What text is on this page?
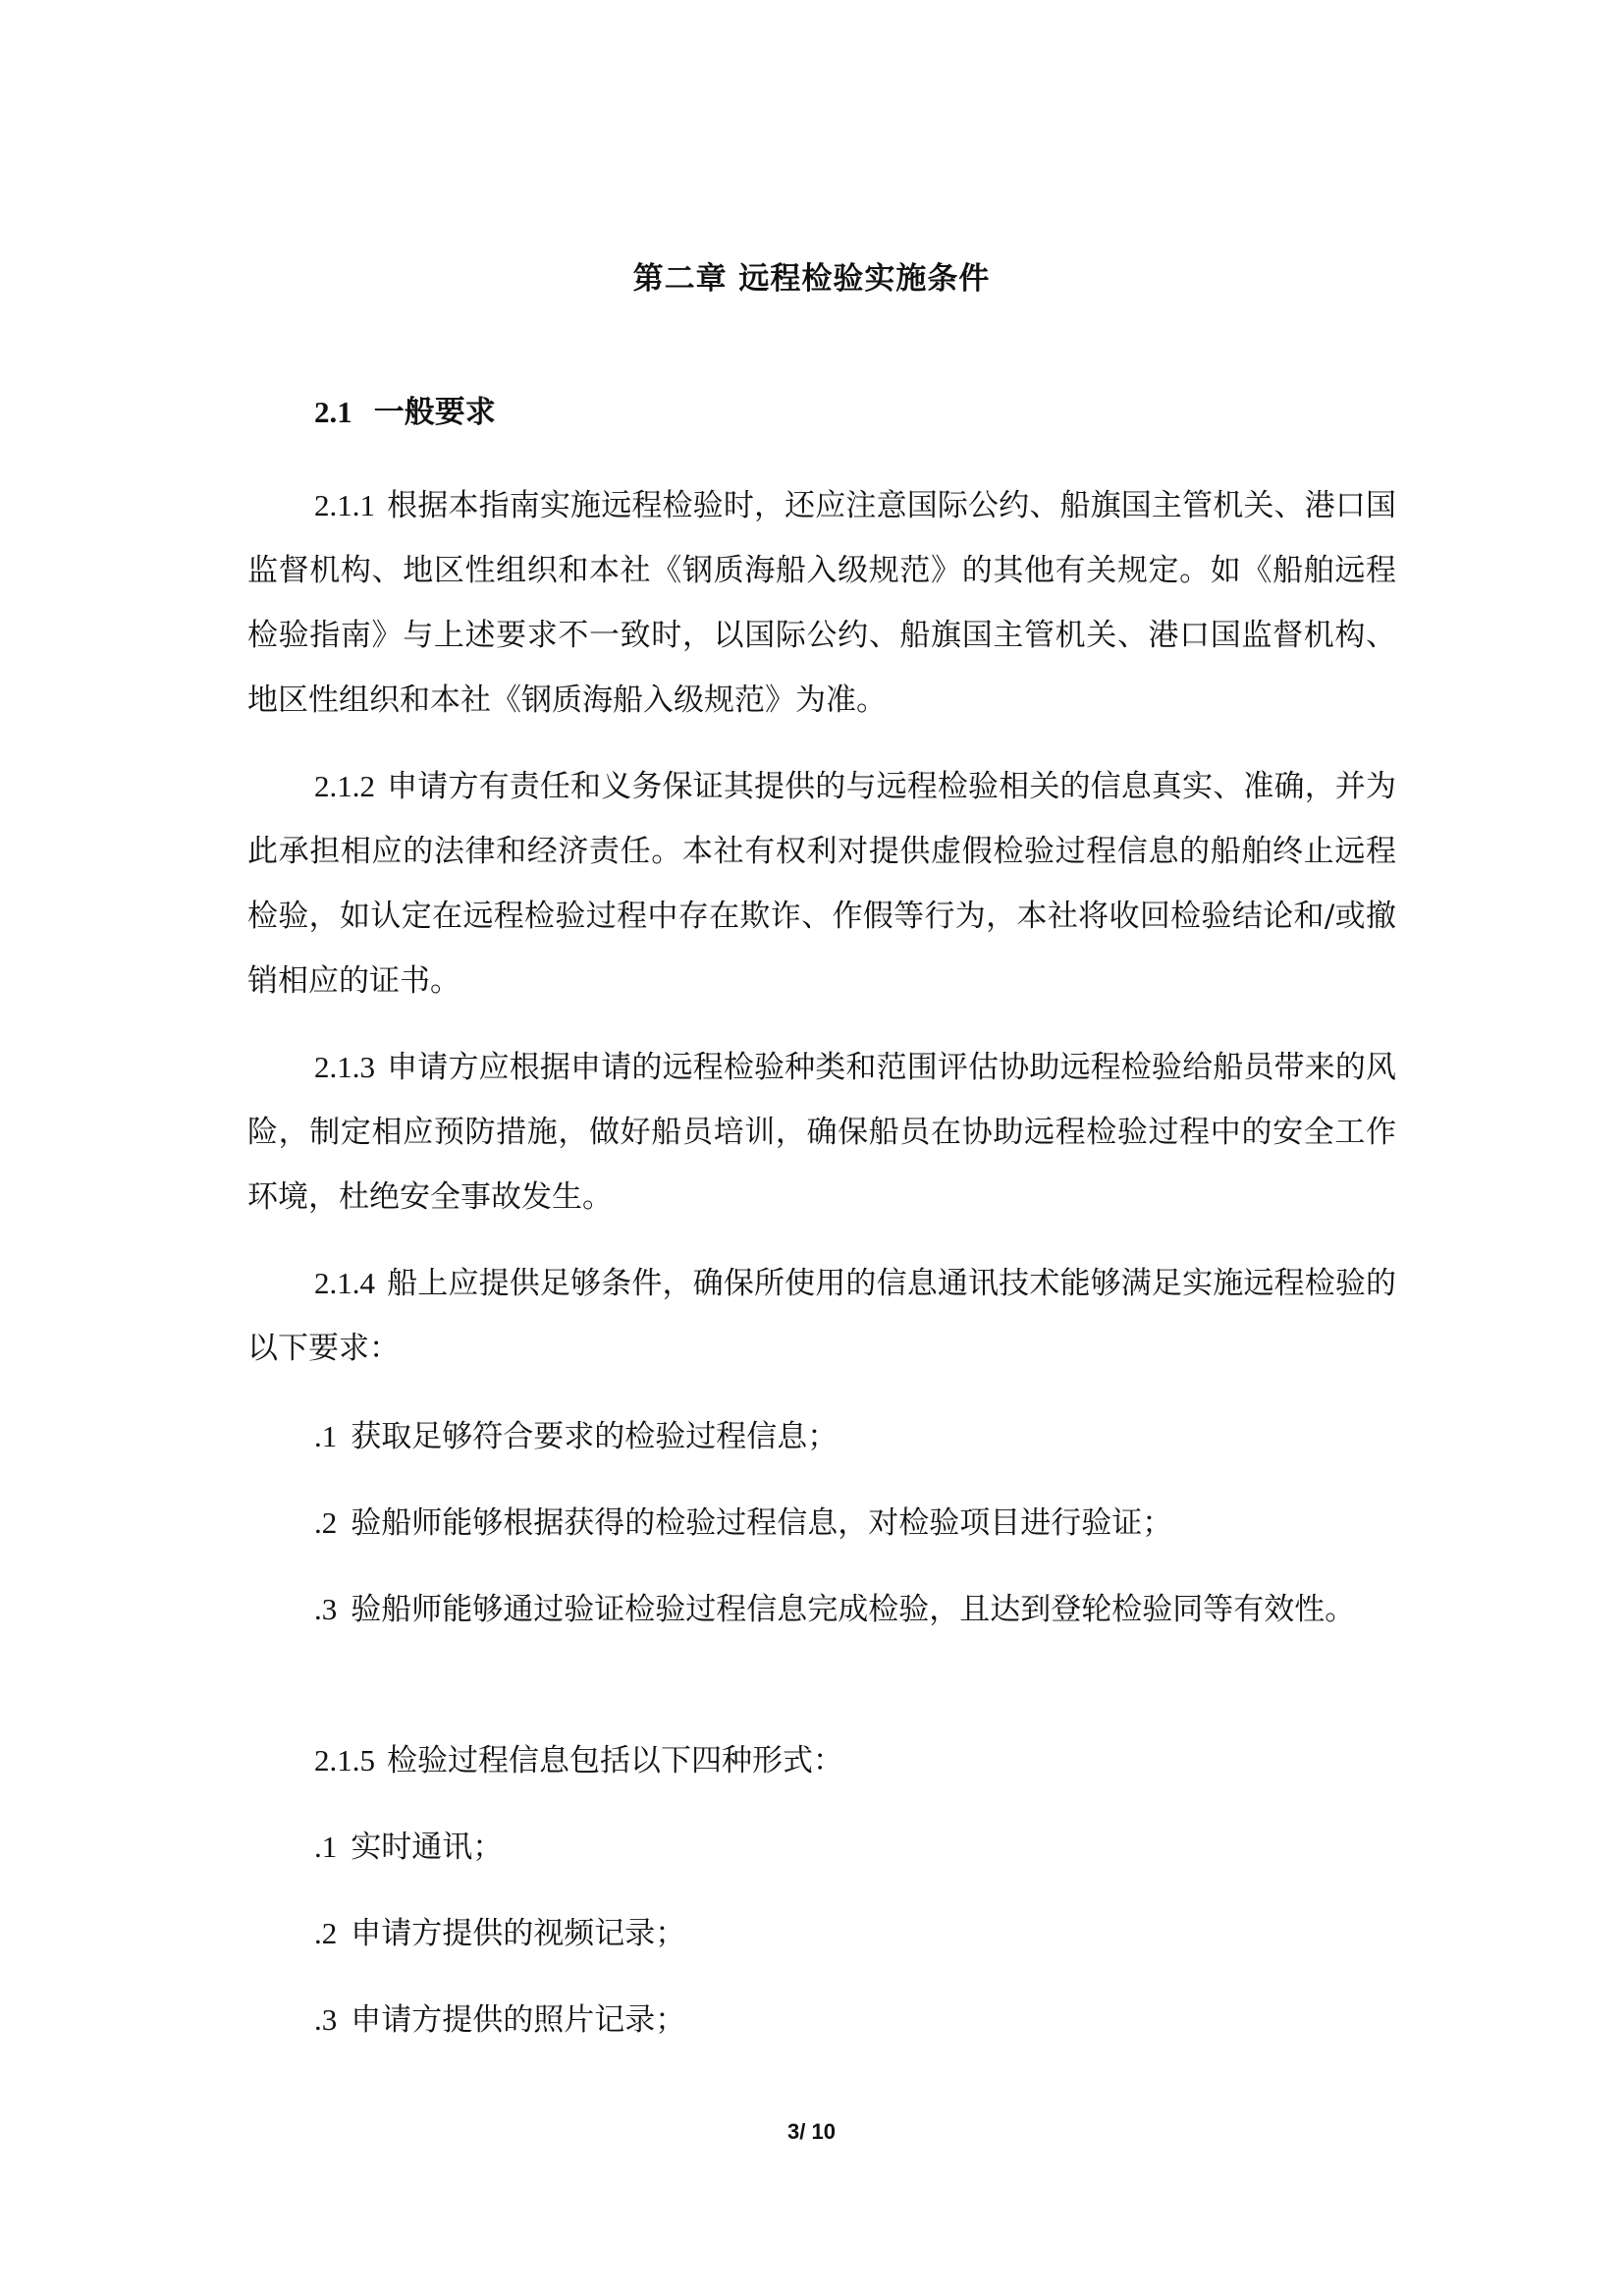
第二章 远程检验实施条件
2.1 一般要求
2.1.1 根据本指南实施远程检验时，还应注意国际公约、船旗国主管机关、港口国监督机构、地区性组织和本社《钢质海船入级规范》的其他有关规定。如《船舶远程检验指南》与上述要求不一致时，以国际公约、船旗国主管机关、港口国监督机构、地区性组织和本社《钢质海船入级规范》为准。
2.1.2 申请方有责任和义务保证其提供的与远程检验相关的信息真实、准确，并为此承担相应的法律和经济责任。本社有权利对提供虚假检验过程信息的船舶终止远程检验，如认定在远程检验过程中存在欺诈、作假等行为，本社将收回检验结论和/或撤销相应的证书。
2.1.3 申请方应根据申请的远程检验种类和范围评估协助远程检验给船员带来的风险，制定相应预防措施，做好船员培训，确保船员在协助远程检验过程中的安全工作环境，杜绝安全事故发生。
2.1.4 船上应提供足够条件，确保所使用的信息通讯技术能够满足实施远程检验的以下要求：
.1 获取足够符合要求的检验过程信息；
.2 验船师能够根据获得的检验过程信息，对检验项目进行验证；
.3 验船师能够通过验证检验过程信息完成检验，且达到登轮检验同等有效性。
2.1.5 检验过程信息包括以下四种形式：
.1 实时通讯；
.2 申请方提供的视频记录；
.3 申请方提供的照片记录；
3/ 10
